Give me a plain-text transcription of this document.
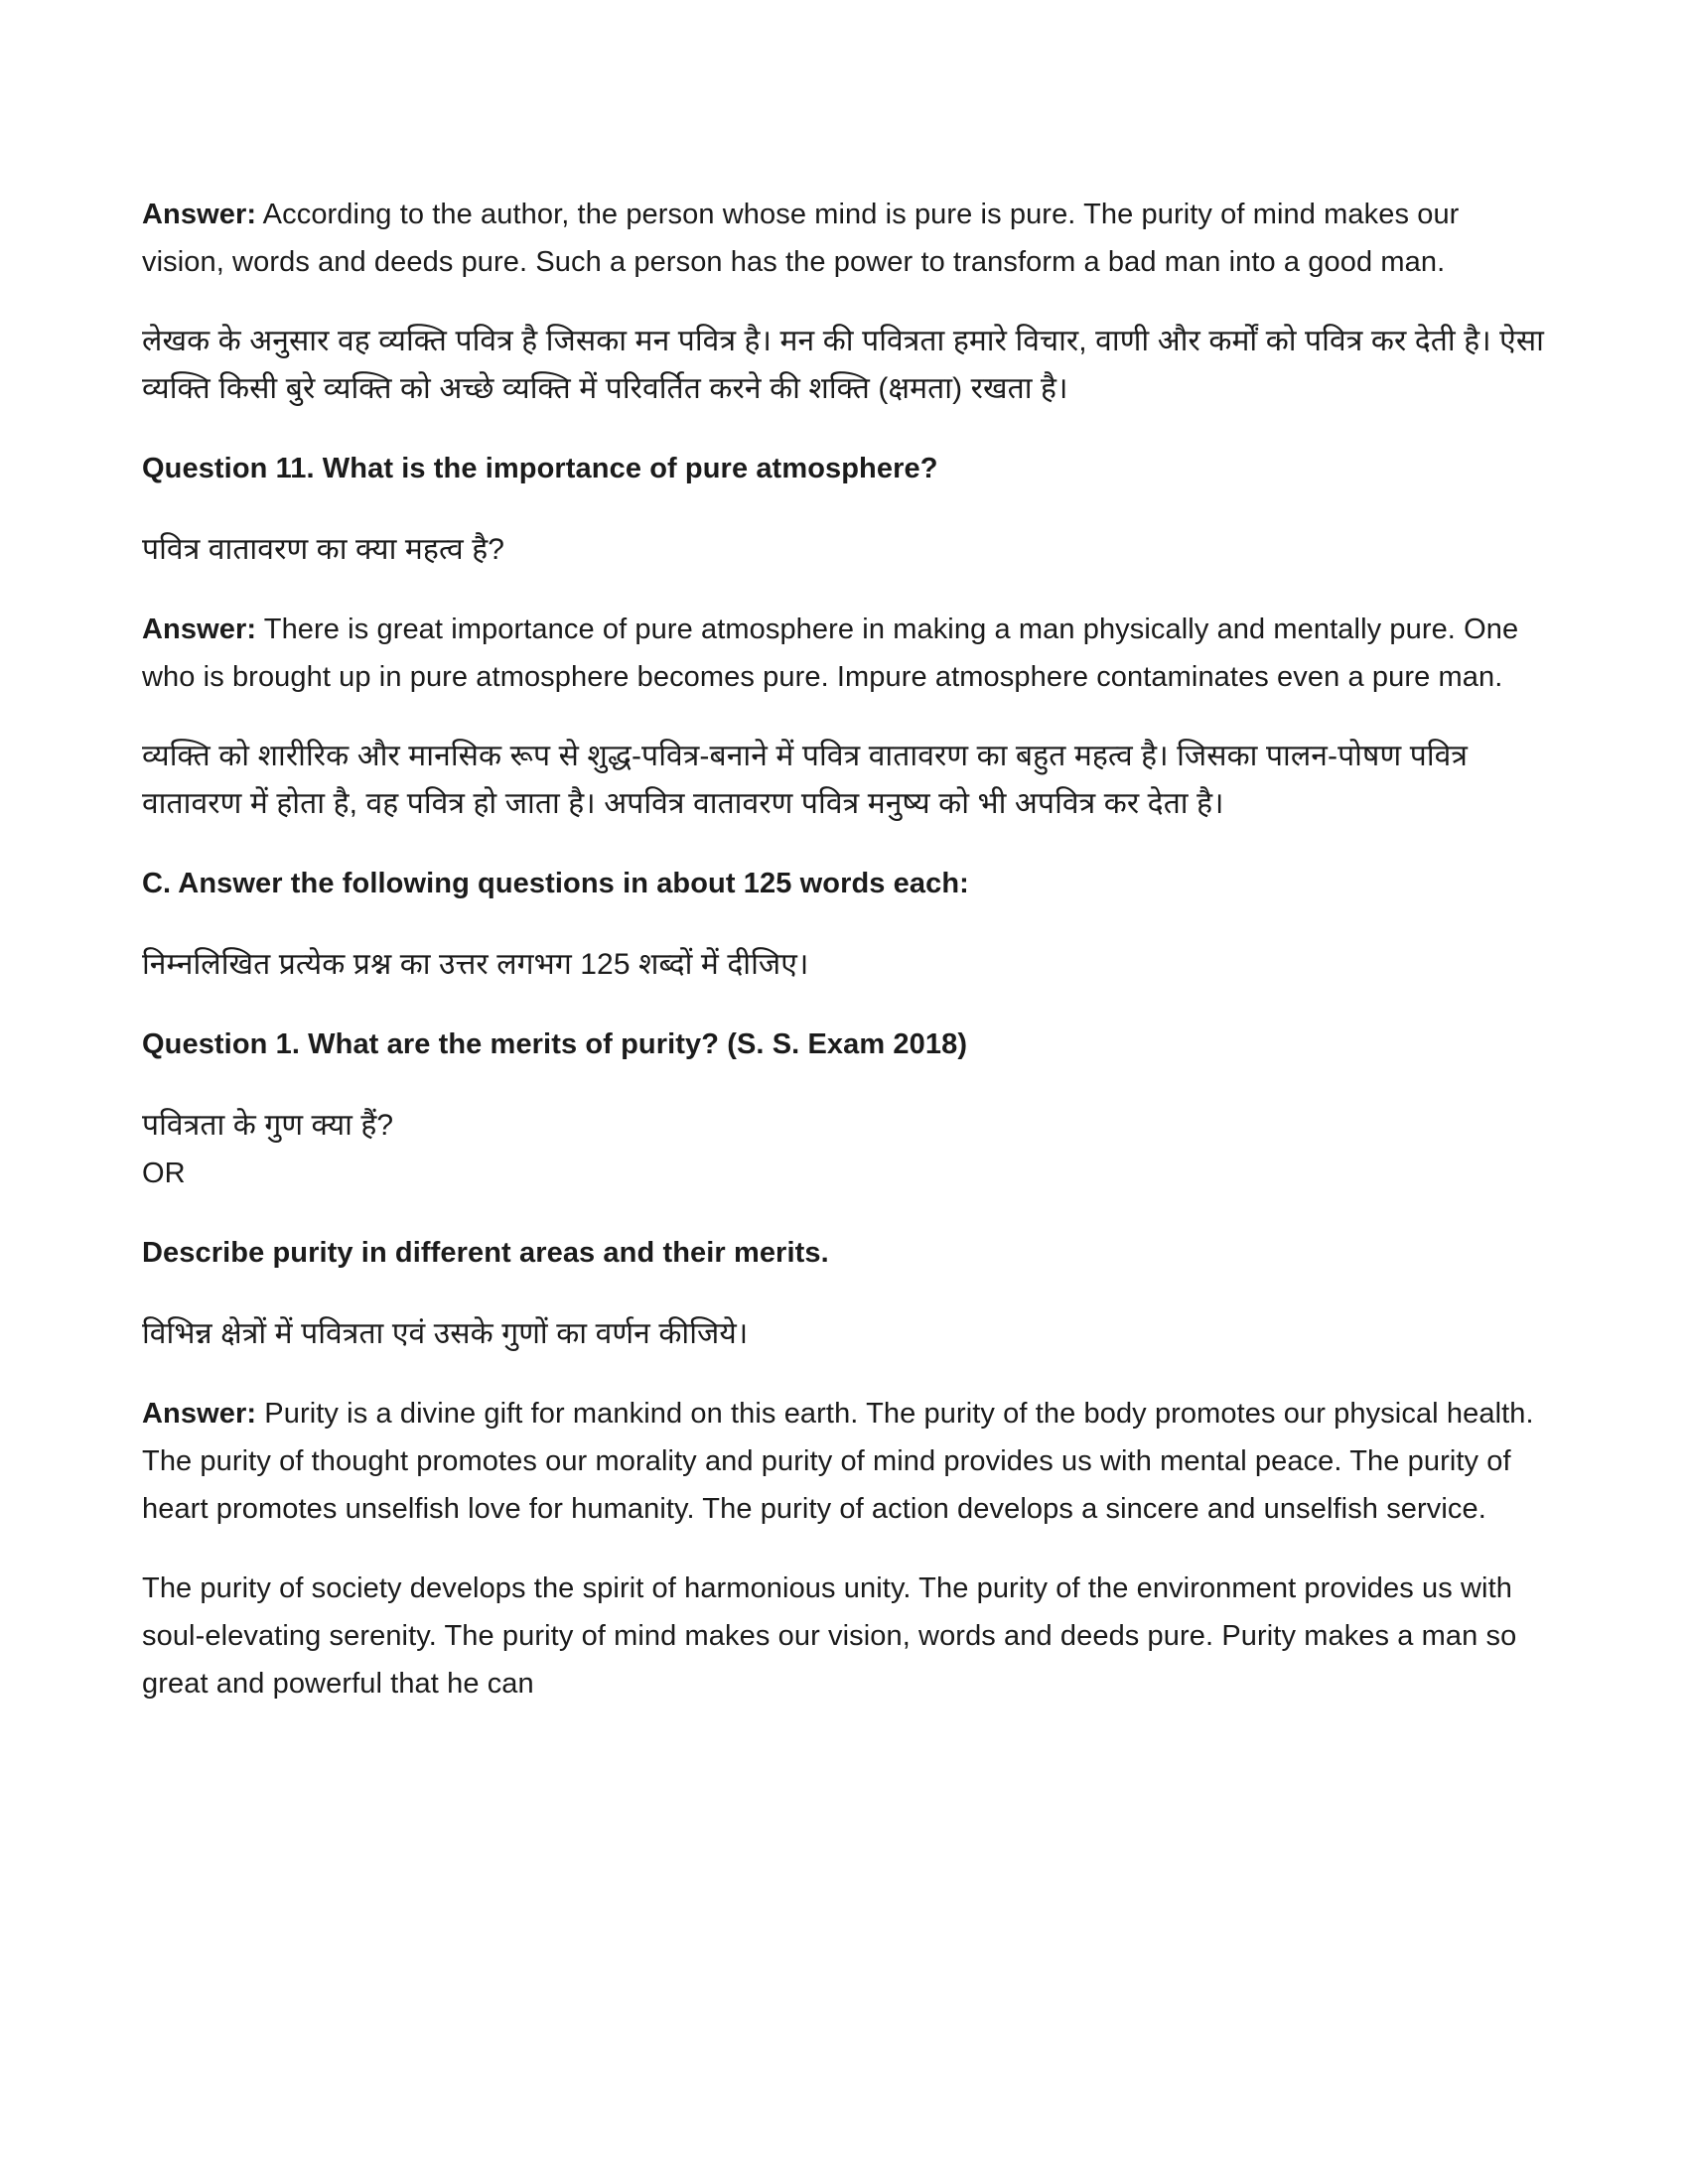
Answer: According to the author, the person whose mind is pure is pure. The purity of mind makes our vision, words and deeds pure. Such a person has the power to transform a bad man into a good man.

लेखक के अनुसार वह व्यक्ति पवित्र है जिसका मन पवित्र है। मन की पवित्रता हमारे विचार, वाणी और कर्मों को पवित्र कर देती है। ऐसा व्यक्ति किसी बुरे व्यक्ति को अच्छे व्यक्ति में परिवर्तित करने की शक्ति (क्षमता) रखता है।

Question 11. What is the importance of pure atmosphere?

पवित्र वातावरण का क्या महत्व है?

Answer: There is great importance of pure atmosphere in making a man physically and mentally pure. One who is brought up in pure atmosphere becomes pure. Impure atmosphere contaminates even a pure man.

व्यक्ति को शारीरिक और मानसिक रूप से शुद्ध-पवित्र-बनाने में पवित्र वातावरण का बहुत महत्व है। जिसका पालन-पोषण पवित्र वातावरण में होता है, वह पवित्र हो जाता है। अपवित्र वातावरण पवित्र मनुष्य को भी अपवित्र कर देता है।

C. Answer the following questions in about 125 words each:

निम्नलिखित प्रत्येक प्रश्न का उत्तर लगभग 125 शब्दों में दीजिए।

Question 1. What are the merits of purity? (S. S. Exam 2018)

पवित्रता के गुण क्या हैं?
OR

Describe purity in different areas and their merits.

विभिन्न क्षेत्रों में पवित्रता एवं उसके गुणों का वर्णन कीजिये।

Answer: Purity is a divine gift for mankind on this earth. The purity of the body promotes our physical health. The purity of thought promotes our morality and purity of mind provides us with mental peace. The purity of heart promotes unselfish love for humanity. The purity of action develops a sincere and unselfish service.

The purity of society develops the spirit of harmonious unity. The purity of the environment provides us with soul-elevating serenity. The purity of mind makes our vision, words and deeds pure. Purity makes a man so great and powerful that he can
